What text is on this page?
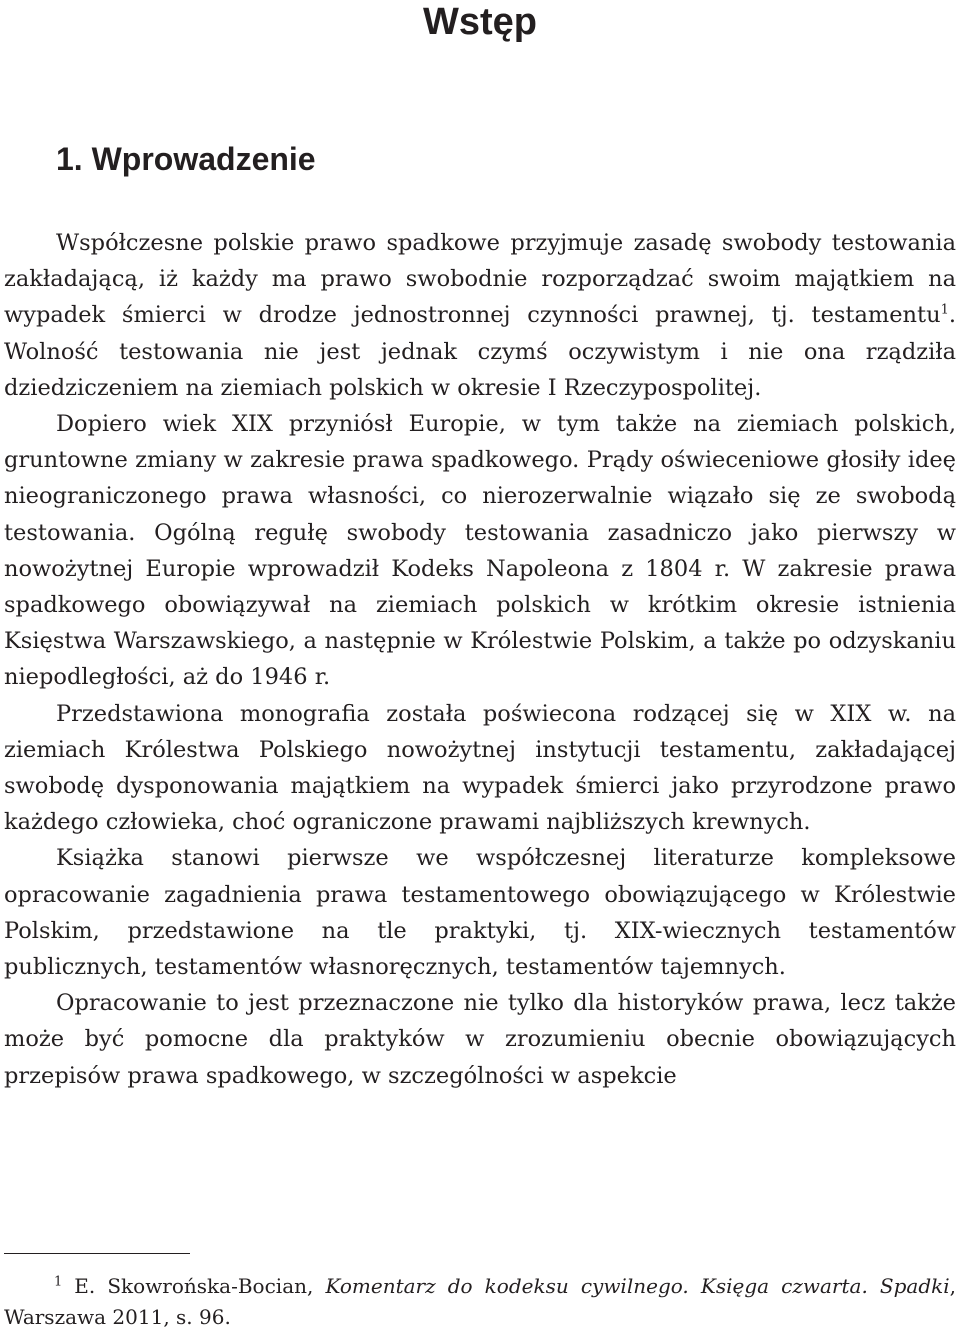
Wstęp
1. Wprowadzenie

Współczesne polskie prawo spadkowe przyjmuje zasadę swobody testowania zakładającą, iż każdy ma prawo swobodnie rozporządzać swoim majątkiem na wypadek śmierci w drodze jednostronnej czynności prawnej, tj. testamentu$^1$. Wolność testowania nie jest jednak czymś oczywistym i nie ona rządziła dziedziczeniem na ziemiach polskich w okresie I Rzeczypospolitej.

Dopiero wiek XIX przyniósł Europie, w tym także na ziemiach polskich, gruntowne zmiany w zakresie prawa spadkowego. Prądy oświeceniowe głosiły ideę nieograniczonego prawa własności, co nierozerwalnie wiązało się ze swobodą testowania. Ogólną regułę swobody testowania zasadniczo jako pierwszy w nowożytnej Europie wprowadził Kodeks Napoleona z 1804 r. W zakresie prawa spadkowego obowiązywał na ziemiach polskich w krótkim okresie istnienia Księstwa Warszawskiego, a następnie w Królestwie Polskim, a także po odzyskaniu niepodległości, aż do 1946 r.

Przedstawiona monografia została poświecona rodzącej się w XIX w. na ziemiach Królestwa Polskiego nowożytnej instytucji testamentu, zakładającej swobodę dysponowania majątkiem na wypadek śmierci jako przyrodzone prawo każdego człowieka, choć ograniczone prawami najbliższych krewnych.

Książka stanowi pierwsze we współczesnej literaturze kompleksowe opracowanie zagadnienia prawa testamentowego obowiązującego w Królestwie Polskim, przedstawione na tle praktyki, tj. XIX-wiecznych testamentów publicznych, testamentów własnoręcznych, testamentów tajemnych.

Opracowanie to jest przeznaczone nie tylko dla historyków prawa, lecz także może być pomocne dla praktyków w zrozumieniu obecnie obowiązujących przepisów prawa spadkowego, w szczególności w aspekcie

$^1$ E. Skowrońska-Bocian, Komentarz do kodeksu cywilnego. Księga czwarta. Spadki, Warszawa 2011, s. 96.
